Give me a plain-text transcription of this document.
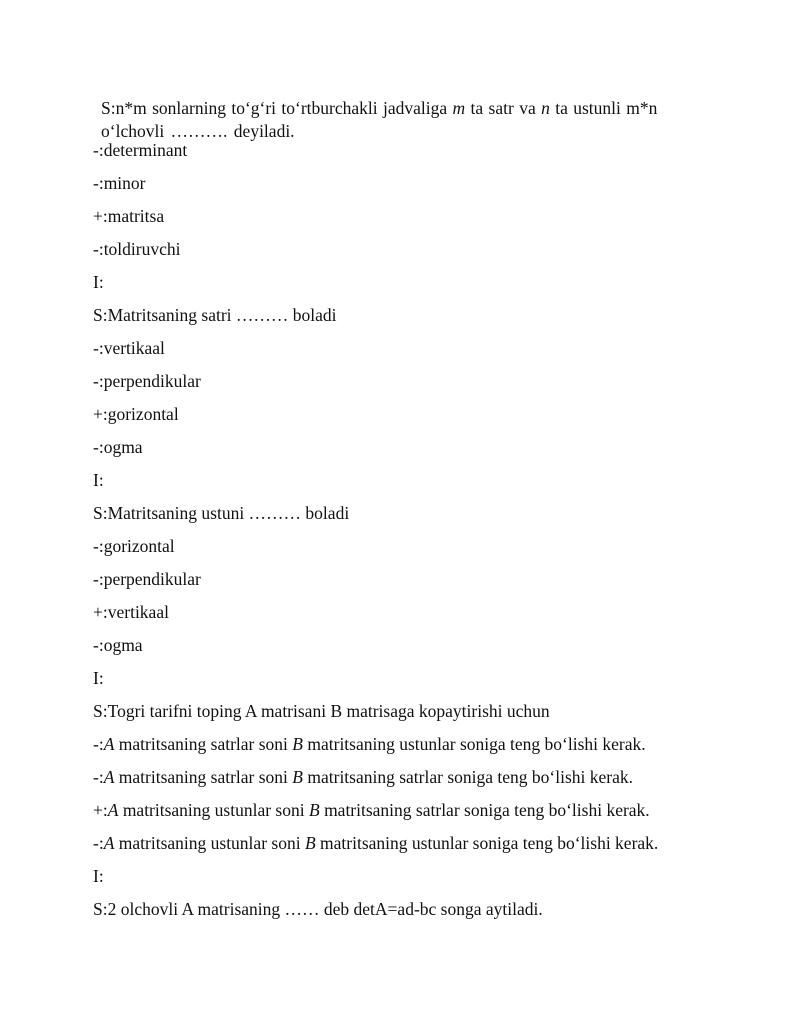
S:n*m sonlarning to‘g‘ri to‘rtburchakli jadvaliga m ta satr va n ta ustunli m*n
o‘lchovli ………. deyiladi.
-:determinant
-:minor
+:matritsa
-:toldiruvchi
I:
S:Matritsaning satri ……… boladi
-:vertikaal
-:perpendikular
+:gorizontal
-:ogma
I:
S:Matritsaning ustuni ……… boladi
-:gorizontal
-:perpendikular
+:vertikaal
-:ogma
I:
S:Togri tarifni toping A matrisani B matrisaga kopaytirishi uchun
-:A matritsaning satrlar soni B matritsaning ustunlar soniga teng bo‘lishi kerak.
-:A matritsaning satrlar soni B matritsaning satrlar soniga teng bo‘lishi kerak.
+:A matritsaning ustunlar soni B matritsaning satrlar soniga teng bo‘lishi kerak.
-:A matritsaning ustunlar soni B matritsaning ustunlar soniga teng bo‘lishi kerak.
I:
S:2 olchovli A matrisaning …… deb detA=ad-bc songa aytiladi.
